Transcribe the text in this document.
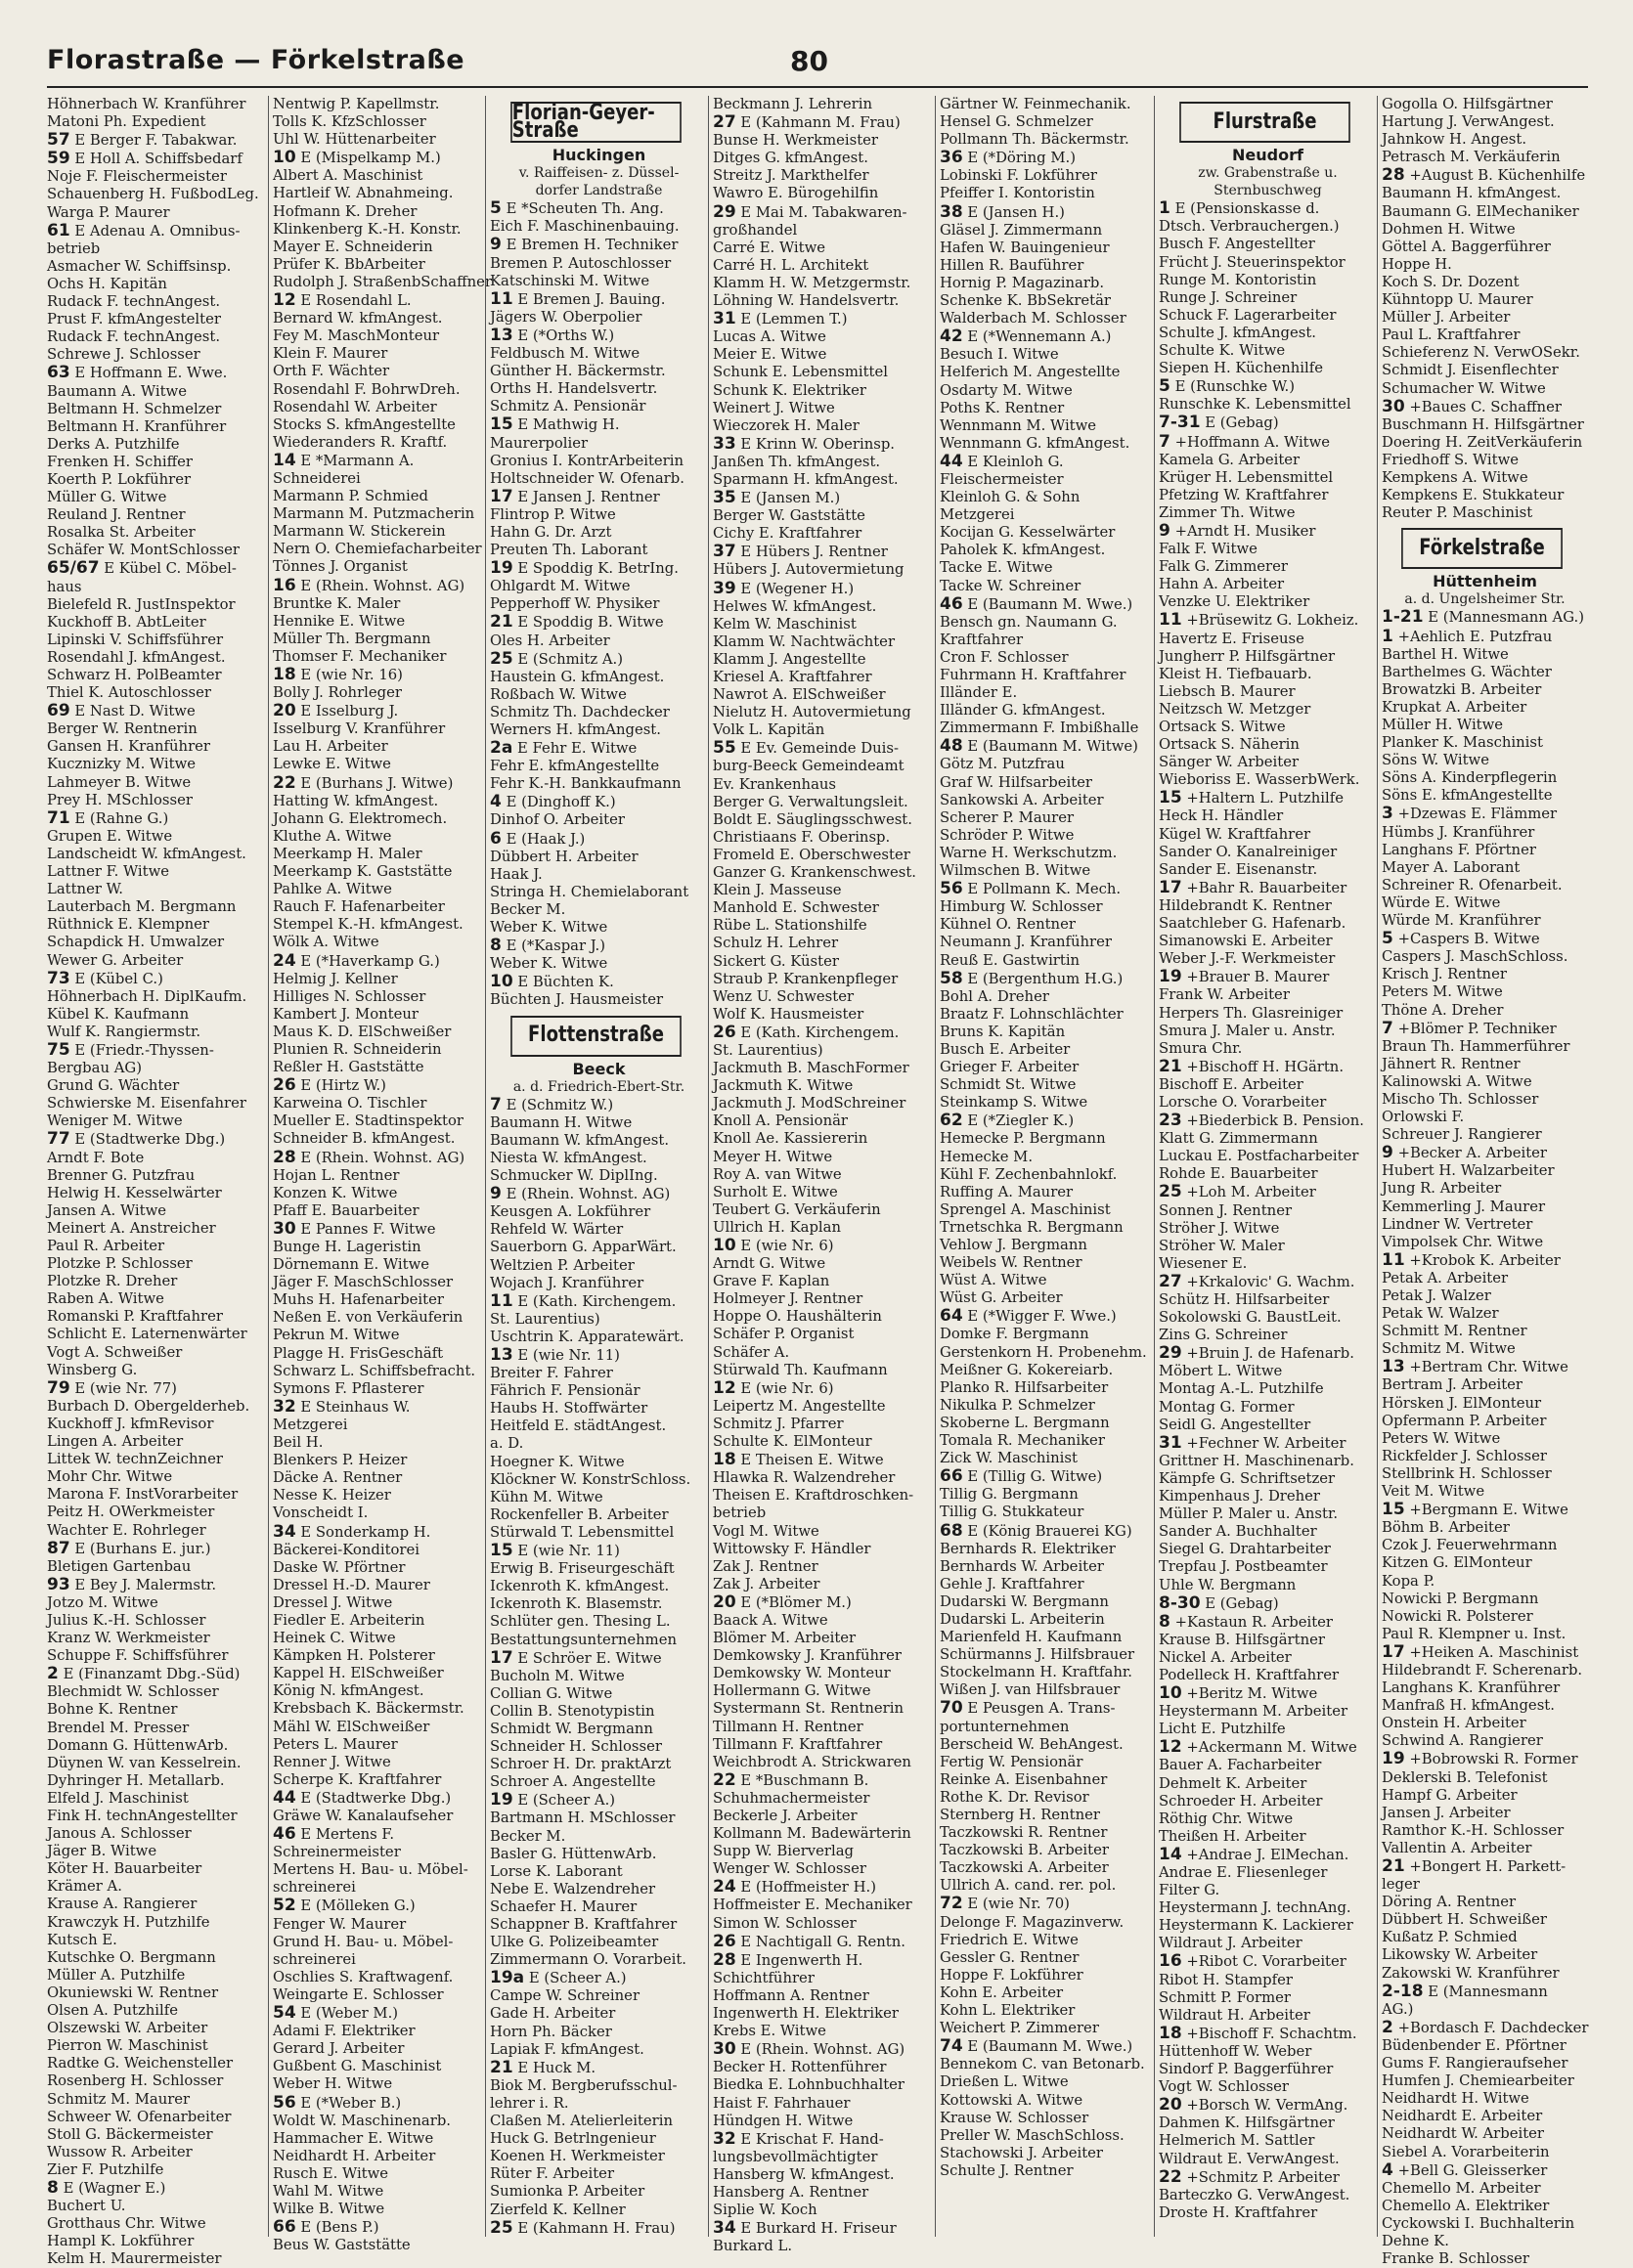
Florastraße — Förkelstraße	80
Höhnerbach W. Kranführer
Matoni Ph. Expedient
57 E Berger F. Tabakwar.
59 E Holl A. Schiffsbedarf
Noje F. Fleischermeister
Schauenberg H. FußbodLeg.
Warga P. Maurer
61 E Adenau A. Omnibus-
betrieb
Asmacher W. Schiffsinsp.
Ochs H. Kapitän
Rudack F. technAngest.
Prust F. kfmAngestelter
Rudack F. technAngest.
Schrewe J. Schlosser
63 E Hoffmann E. Wwe.
Baumann A. Witwe
Beltmann H. Schmelzer
Beltmann H. Kranführer
Derks A. Putzhilfe
Frenken H. Schiffer
Koerth P. Lokführer
Müller G. Witwe
Reuland J. Rentner
Rosalka St. Arbeiter
Schäfer W. MontSchlosser
65/67 E Kübel C. Möbel-
haus
Bielefeld R. JustInspektor
Kuckhoff B. AbtLeiter
Lipinski V. Schiffsführer
Rosendahl J. kfmAngest.
Schwarz H. PolBeamter
Thiel K. Autoschlosser
69 E Nast D. Witwe
Berger W. Rentnerin
Gansen H. Kranführer
Kucznizky M. Witwe
Lahmeyer B. Witwe
Prey H. MSchlosser
71 E (Rahne G.)
Grupen E. Witwe
Landscheidt W. kfmAngest.
Lattner F. Witwe
Lattner W.
Lauterbach M. Bergmann
Rüthnick E. Klempner
Schapdick H. Umwalzer
Wewer G. Arbeiter
73 E (Kübel C.)
Höhnerbach H. DiplKaufm.
Kübel K. Kaufmann
Wulf K. Rangiermstr.
75 E (Friedr.-Thyssen-
Bergbau AG)
Grund G. Wächter
Schwierske M. Eisenfahrer
Weniger M. Witwe
77 E (Stadtwerke Dbg.)
Arndt F. Bote
Brenner G. Putzfrau
Helwig H. Kesselwärter
Jansen A. Witwe
Meinert A. Anstreicher
Paul R. Arbeiter
Plotzke P. Schlosser
Plotzke R. Dreher
Raben A. Witwe
Romanski P. Kraftfahrer
Schlicht E. Laternenwärter
Vogt A. Schweißer
Winsberg G.
79 E (wie Nr. 77)
Burbach D. Obergelderheb.
Kuckhoff J. kfmRevisor
Lingen A. Arbeiter
Littek W. technZeichner
Mohr Chr. Witwe
Marona F. InstVorarbeiter
Peitz H. OWerkmeister
Wachter E. Rohrleger
87 E (Burhans E. jur.)
Bletigen Gartenbau
93 E Bey J. Malermstr.
Jotzo M. Witwe
Julius K.-H. Schlosser
Kranz W. Werkmeister
Schuppe F. Schiffsführer
2 E (Finanzamt Dbg.-Süd)
Blechmidt W. Schlosser
Bohne K. Rentner
Brendel M. Presser
Domann G. HüttenwArb.
Düynen W. van Kesselrein.
Dyhringer H. Metallarb.
Elfeld J. Maschinist
Fink H. technAngestellter
Janous A. Schlosser
Jäger B. Witwe
Köter H. Bauarbeiter
Krämer A.
Krause A. Rangierer
Krawczyk H. Putzhilfe
Kutsch E.
Kutschke O. Bergmann
Müller A. Putzhilfe
Okuniewski W. Rentner
Olsen A. Putzhilfe
Olszewski W. Arbeiter
Pierron W. Maschinist
Radtke G. Weichensteller
Rosenberg H. Schlosser
Schmitz M. Maurer
Schweer W. Ofenarbeiter
Stoll G. Bäckermeister
Wussow R. Arbeiter
Zier F. Putzhilfe
8 E (Wagner E.)
Buchert U.
Grotthaus Chr. Witwe
Hampl K. Lokführer
Kelm H. Maurermeister
Nentwig P. Kapellmstr.
Tolls K. KfzSchlosser
Uhl W. Hüttenarbeiter
10 E (Mispelkamp M.)
Albert A. Maschinist
Hartleif W. Abnahmeing.
Hofmann K. Dreher
Klinkenberg K.-H. Konstr.
Mayer E. Schneiderin
Prüfer K. BbArbeiter
Rudolph J. StraßenbSchaffner
12 E Rosendahl L.
Bernard W. kfmAngest.
Fey M. MaschMonteur
Klein F. Maurer
Orth F. Wächter
Rosendahl F. BohrwDreh.
Rosendahl W. Arbeiter
Stocks S. kfmAngestellte
Wiederanders R. Kraftf.
14 E *Marmann A.
Schneiderei
Marmann P. Schmied
Marmann M. Putzmacherin
Marmann W. Stickerein
Nern O. Chemiefacharbeiter
Tönnes J. Organist
16 E (Rhein. Wohnst. AG)
Bruntke K. Maler
Hennike E. Witwe
Müller Th. Bergmann
Thomser F. Mechaniker
18 E (wie Nr. 16)
Bolly J. Rohrleger
20 E Isselburg J.
Isselburg V. Kranführer
Lau H. Arbeiter
Lewke E. Witwe
22 E (Burhans J. Witwe)
Hatting W. kfmAngest.
Johann G. Elektromech.
Kluthe A. Witwe
Meerkamp H. Maler
Meerkamp K. Gaststätte
Pahlke A. Witwe
Rauch F. Hafenarbeiter
Stempel K.-H. kfmAngest.
Wölk A. Witwe
24 E (*Haverkamp G.)
Helmig J. Kellner
Hilliges N. Schlosser
Kambert J. Monteur
Maus K. D. ElSchweißer
Plunien R. Schneiderin
Reßler H. Gaststätte
26 E (Hirtz W.)
Karweina O. Tischler
Mueller E. Stadtinspektor
Schneider B. kfmAngest.
28 E (Rhein. Wohnst. AG)
Hojan L. Rentner
Konzen K. Witwe
Pfaff E. Bauarbeiter
30 E Pannes F. Witwe
Bunge H. Lageristin
Dörnemann E. Witwe
Jäger F. MaschSchlosser
Muhs H. Hafenarbeiter
Neßen E. von Verkäuferin
Pekrun M. Witwe
Plagge H. FrisGeschäft
Schwarz L. Schiffsbefracht.
Symons F. Pflasterer
32 E Steinhaus W.
Metzgerei
Beil H.
Blenkers P. Heizer
Däcke A. Rentner
Nesse K. Heizer
Vonscheidt I.
34 E Sonderkamp H.
Bäckerei-Konditorei
Daske W. Pförtner
Dressel H.-D. Maurer
Dressel J. Witwe
Fiedler E. Arbeiterin
Heinek C. Witwe
Kämpken H. Polsterer
Kappel H. ElSchweißer
König N. kfmAngest.
Krebsbach K. Bäckermstr.
Mähl W. ElSchweißer
Peters L. Maurer
Renner J. Witwe
Scherpe K. Kraftfahrer
44 E (Stadtwerke Dbg.)
Gräwe W. Kanalaufseher
46 E Mertens F.
Schreinermeister
Mertens H. Bau- u. Möbel-
schreinerei
52 E (Mölleken G.)
Fenger W. Maurer
Grund H. Bau- u. Möbel-
schreinerei
Oschlies S. Kraftwagenf.
Weingarte E. Schlosser
54 E (Weber M.)
Adami F. Elektriker
Gerard J. Arbeiter
Gußbent G. Maschinist
Weber H. Witwe
56 E (*Weber B.)
Woldt W. Maschinenarb.
Hammacher E. Witwe
Neidhardt H. Arbeiter
Rusch E. Witwe
Wahl M. Witwe
Wilke B. Witwe
66 E (Bens P.)
Beus W. Gaststätte
Florian-Geyer-Straße
Huckingen
v. Raiffeisen- z. Düssel-
dorfer Landstraße
5 E *Scheuten Th. Ang.
Eich F. Maschinenbauing.
9 E Bremen H. Techniker
Bremen P. Autoschlosser
Katschinski M. Witwe
11 E Bremen J. Bauing.
Jägers W. Oberpolier
13 E (*Orths W.)
Feldbusch M. Witwe
Günther H. Bäckermstr.
Orths H. Handelsvertr.
Schmitz A. Pensionär
15 E Mathwig H.
Maurerpolier
Gronius I. KontrArbeiterin
Holtschneider W. Ofenarb.
17 E Jansen J. Rentner
Flintrop P. Witwe
Hahn G. Dr. Arzt
Preuten Th. Laborant
19 E Spoddig K. BetrIng.
Ohlgardt M. Witwe
Pepperhoff W. Physiker
21 E Spoddig B. Witwe
Oles H. Arbeiter
25 E (Schmitz A.)
Haustein G. kfmAngest.
Roßbach W. Witwe
Schmitz Th. Dachdecker
Werners H. kfmAngest.
2a E Fehr E. Witwe
Fehr E. kfmAngestellte
Fehr K.-H. Bankkaufmann
4 E (Dinghoff K.)
Dinhof O. Arbeiter
6 E (Haak J.)
Dübbert H. Arbeiter
Haak J.
Stringa H. Chemielaborant
Becker M.
Weber K. Witwe
8 E (*Kaspar J.)
Weber K. Witwe
10 E Büchten K.
Büchten J. Hausmeister
Flottenstraße
Beeck
a. d. Friedrich-Ebert-Str.
7 E (Schmitz W.)
Baumann H. Witwe
Baumann W. kfmAngest.
Niesta W. kfmAngest.
Schmucker W. DiplIng.
9 E (Rhein. Wohnst. AG)
Keusgen A. Lokführer
Rehfeld W. Wärter
Sauerborn G. ApparWärt.
Weltzien P. Arbeiter
Wojach J. Kranführer
11 E (Kath. Kirchengem.
St. Laurentius)
Uschtrin K. Apparatewärt.
13 E (wie Nr. 11)
Breiter F. Fahrer
Fährich F. Pensionär
Haubs H. Stoffwärter
Heitfeld E. städtAngest.
a. D.
Hoegner K. Witwe
Klöckner W. KonstrSchloss.
Kühn M. Witwe
Rockenfeller B. Arbeiter
Stürwald T. Lebensmittel
15 E (wie Nr. 11)
Erwig B. Friseurgeschäft
Ickenroth K. kfmAngest.
Ickenroth K. Blasemstr.
Schlüter gen. Thesing L.
Bestattungsunternehmen
17 E Schröer E. Witwe
Bucholn M. Witwe
Collian G. Witwe
Collin B. Stenotypistin
Schmidt W. Bergmann
Schneider H. Schlosser
Schroer H. Dr. praktArzt
Schroer A. Angestellte
19 E (Scheer A.)
Bartmann H. MSchlosser
Becker M.
Basler G. HüttenwArb.
Lorse K. Laborant
Nebe E. Walzendreher
Schaefer H. Maurer
Schappner B. Kraftfahrer
Ulke G. Polizeibeamter
Zimmermann O. Vorarbeit.
19a E (Scheer A.)
Campe W. Schreiner
Gade H. Arbeiter
Horn Ph. Bäcker
Lapiak F. kfmAngest.
21 E Huck M.
Biok M. Bergberufsschul-
lehrer i. R.
Claßen M. Atelierleiterin
Huck G. Betrlngenieur
Koenen H. Werkmeister
Rüter F. Arbeiter
Sumionka P. Arbeiter
Zierfeld K. Kellner
25 E (Kahmann H. Frau)
Beckmann J. Lehrerin
27 E (Kahmann M. Frau)
Bunse H. Werkmeister
Ditges G. kfmAngest.
Streitz J. Markthelfer
Wawro E. Bürogehilfin
29 E Mai M. Tabakwaren-
großhandel
Carré E. Witwe
Carré H. L. Architekt
Klamm H. W. Metzgermstr.
Löhning W. Handelsvertr.
31 E (Lemmen T.)
Lucas A. Witwe
Meier E. Witwe
Schunk E. Lebensmittel
Schunk K. Elektriker
Weinert J. Witwe
Wieczorek H. Maler
33 E Krinn W. Oberinsp.
Janßen Th. kfmAngest.
Sparmann H. kfmAngest.
35 E (Jansen M.)
Berger W. Gaststätte
Cichy E. Kraftfahrer
37 E Hübers J. Rentner
Hübers J. Autovermietung
39 E (Wegener H.)
Helwes W. kfmAngest.
Kelm W. Maschinist
Klamm W. Nachtwächter
Klamm J. Angestellte
Kriesel A. Kraftfahrer
Nawrot A. ElSchweißer
Nielutz H. Autovermietung
Volk L. Kapitän
55 E Ev. Gemeinde Duis-
burg-Beeck Gemeindeamt
Ev. Krankenhaus
Berger G. Verwaltungsleit.
Boldt E. Säuglingsschwest.
Christiaans F. Oberinsp.
Fromeld E. Oberschwester
Ganzer G. Krankenschwest.
Klein J. Masseuse
Manhold E. Schwester
Rübe L. Stationshilfe
Schulz H. Lehrer
Sickert G. Küster
Straub P. Krankenpfleger
Wenz U. Schwester
Wolf K. Hausmeister
26 E (Kath. Kirchengem.
St. Laurentius)
Jackmuth B. MaschFormer
Jackmuth K. Witwe
Jackmuth J. ModSchreiner
Knoll A. Pensionär
Knoll Ae. Kassiererin
Meyer H. Witwe
Roy A. van Witwe
Surholt E. Witwe
Teubert G. Verkäuferin
Ullrich H. Kaplan
10 E (wie Nr. 6)
Arndt G. Witwe
Grave F. Kaplan
Holmeyer J. Rentner
Hoppe O. Haushälterin
Schäfer P. Organist
Schäfer A.
Stürwald Th. Kaufmann
12 E (wie Nr. 6)
Leipertz M. Angestellte
Schmitz J. Pfarrer
Schulte K. ElMonteur
18 E Theisen E. Witwe
Hlawka R. Walzendreher
Theisen E. Kraftdroschken-
betrieb
Vogl M. Witwe
Wittowsky F. Händler
Zak J. Rentner
Zak J. Arbeiter
20 E (*Blömer M.)
Baack A. Witwe
Blömer M. Arbeiter
Demkowsky J. Kranführer
Demkowsky W. Monteur
Hollermann G. Witwe
Systermann St. Rentnerin
Tillmann H. Rentner
Tillmann F. Kraftfahrer
Weichbrodt A. Strickwaren
22 E *Buschmann B.
Schuhmachermeister
Beckerle J. Arbeiter
Kollmann M. Badewärterin
Supp W. Bierverlag
Wenger W. Schlosser
24 E (Hoffmeister H.)
Hoffmeister E. Mechaniker
Simon W. Schlosser
26 E Nachtigall G. Rentn.
28 E Ingenwerth H.
Schichtführer
Hoffmann A. Rentner
Ingenwerth H. Elektriker
Krebs E. Witwe
30 E (Rhein. Wohnst. AG)
Becker H. Rottenführer
Biedka E. Lohnbuchhalter
Haist F. Fahrhauer
Hündgen H. Witwe
32 E Krischat F. Hand-
lungsbevollmächtigter
Hansberg W. kfmAngest.
Hansberg A. Rentner
Siplie W. Koch
34 E Burkard H. Friseur
Burkard L.
Gärtner W. Feinmechanik.
Hensel G. Schmelzer
Pollmann Th. Bäckermstr.
36 E (*Döring M.)
Lobinski F. Lokführer
Pfeiffer I. Kontoristin
38 E (Jansen H.)
Gläsel J. Zimmermann
Hafen W. Bauingenieur
Hillen R. Bauführer
Hornig P. Magazinarb.
Schenke K. BbSekretär
Walderbach M. Schlosser
42 E (*Wennemann A.)
Besuch I. Witwe
Helferich M. Angestellte
Osdarty M. Witwe
Poths K. Rentner
Wennmann M. Witwe
Wennmann G. kfmAngest.
44 E Kleinloh G.
Fleischermeister
Kleinloh G. & Sohn
Metzgerei
Kocijan G. Kesselwärter
Paholek K. kfmAngest.
Tacke E. Witwe
Tacke W. Schreiner
46 E (Baumann M. Wwe.)
Bensch gn. Naumann G.
Kraftfahrer
Cron F. Schlosser
Fuhrmann H. Kraftfahrer
Illänder E.
Illänder G. kfmAngest.
Zimmermann F. Imbißhalle
48 E (Baumann M. Witwe)
Götz M. Putzfrau
Graf W. Hilfsarbeiter
Sankowski A. Arbeiter
Scherer P. Maurer
Schröder P. Witwe
Warne H. Werkschutzm.
Wilmschen B. Witwe
56 E Pollmann K. Mech.
Himburg W. Schlosser
Kühnel O. Rentner
Neumann J. Kranführer
Reuß E. Gastwirtin
58 E (Bergenthum H.G.)
Bohl A. Dreher
Braatz F. Lohnschlächter
Bruns K. Kapitän
Busch E. Arbeiter
Grieger F. Arbeiter
Schmidt St. Witwe
Steinkamp S. Witwe
62 E (*Ziegler K.)
Hemecke P. Bergmann
Hemecke M.
Kühl F. Zechenbahnlokf.
Ruffing A. Maurer
Sprengel A. Maschinist
Trnetschka R. Bergmann
Vehlow J. Bergmann
Weibels W. Rentner
Wüst A. Witwe
Wüst G. Arbeiter
64 E (*Wigger F. Wwe.)
Domke F. Bergmann
Gerstenkorn H. Probenehm.
Meißner G. Kokereiarb.
Planko R. Hilfsarbeiter
Nikulka P. Schmelzer
Skoberne L. Bergmann
Tomala R. Mechaniker
Zick W. Maschinist
66 E (Tillig G. Witwe)
Tillig G. Bergmann
Tillig G. Stukkateur
68 E (König Brauerei KG)
Bernhards R. Elektriker
Bernhards W. Arbeiter
Gehle J. Kraftfahrer
Dudarski W. Bergmann
Dudarski L. Arbeiterin
Marienfeld H. Kaufmann
Schürmanns J. Hilfsbrauer
Stockelmann H. Kraftfahr.
Wißen J. van Hilfsbrauer
70 E Peusgen A. Trans-
portunternehmen
Berscheid W. BehAngest.
Fertig W. Pensionär
Reinke A. Eisenbahner
Rothe K. Dr. Revisor
Sternberg H. Rentner
Taczkowski R. Rentner
Taczkowski B. Arbeiter
Taczkowski A. Arbeiter
Ullrich A. cand. rer. pol.
72 E (wie Nr. 70)
Delonge F. Magazinverw.
Friedrich E. Witwe
Gessler G. Rentner
Hoppe F. Lokführer
Kohn E. Arbeiter
Kohn L. Elektriker
Weichert P. Zimmerer
74 E (Baumann M. Wwe.)
Bennekom C. van Betonarb.
Drießen L. Witwe
Kottowski A. Witwe
Krause W. Schlosser
Preller W. MaschSchloss.
Stachowski J. Arbeiter
Schulte J. Rentner
Flurstraße
Neudorf
zw. Grabenstraße u.
Sternbuschweg
1 E (Pensionskasse d.
Dtsch. Verbrauchergen.)
Busch F. Angestellter
Frücht J. Steuerinspektor
Runge M. Kontoristin
Runge J. Schreiner
Schuck F. Lagerarbeiter
Schulte J. kfmAngest.
Schulte K. Witwe
Siepen H. Küchenhilfe
5 E (Runschke W.)
Runschke K. Lebensmittel
7-31 E (Gebag)
7 +Hoffmann A. Witwe
Kamela G. Arbeiter
Krüger H. Lebensmittel
Pfetzing W. Kraftfahrer
Zimmer Th. Witwe
9 +Arndt H. Musiker
Falk F. Witwe
Falk G. Zimmerer
Hahn A. Arbeiter
Venzke U. Elektriker
11 +Brüsewitz G. Lokheiz.
Havertz E. Friseuse
Jungherr P. Hilfsgärtner
Kleist H. Tiefbauarb.
Liebsch B. Maurer
Neitzsch W. Metzger
Ortsack S. Witwe
Ortsack S. Näherin
Sänger W. Arbeiter
Wieboriss E. WasserbWerk.
15 +Haltern L. Putzhilfe
Heck H. Händler
Kügel W. Kraftfahrer
Sander O. Kanalreiniger
Sander E. Eisenanstr.
17 +Bahr R. Bauarbeiter
Hildebrandt K. Rentner
Saatchleber G. Hafenarb.
Simanowski E. Arbeiter
Weber J.-F. Werkmeister
19 +Brauer B. Maurer
Frank W. Arbeiter
Herpers Th. Glasreiniger
Smura J. Maler u. Anstr.
Smura Chr.
21 +Bischoff H. HGärtn.
Bischoff E. Arbeiter
Lorsche O. Vorarbeiter
23 +Biederbick B. Pension.
Klatt G. Zimmermann
Luckau E. Postfacharbeiter
Rohde E. Bauarbeiter
25 +Loh M. Arbeiter
Sonnen J. Rentner
Ströher J. Witwe
Ströher W. Maler
Wiesener E.
27 +Krkalovic' G. Wachm.
Schütz H. Hilfsarbeiter
Sokolowski G. BaustLeit.
Zins G. Schreiner
29 +Bruin J. de Hafenarb.
Möbert L. Witwe
Montag A.-L. Putzhilfe
Montag G. Former
Seidl G. Angestellter
31 +Fechner W. Arbeiter
Grittner H. Maschinenarb.
Kämpfe G. Schriftsetzer
Kimpenhaus J. Dreher
Müller P. Maler u. Anstr.
Sander A. Buchhalter
Siegel G. Drahtarbeiter
Trepfau J. Postbeamter
Uhle W. Bergmann
8-30 E (Gebag)
8 +Kastaun R. Arbeiter
Krause B. Hilfsgärtner
Nickel A. Arbeiter
Podelleck H. Kraftfahrer
10 +Beritz M. Witwe
Heystermann M. Arbeiter
Licht E. Putzhilfe
12 +Ackermann M. Witwe
Bauer A. Facharbeiter
Dehmelt K. Arbeiter
Schroeder H. Arbeiter
Röthig Chr. Witwe
Theißen H. Arbeiter
14 +Andrae J. ElMechan.
Andrae E. Fliesenleger
Filter G.
Heystermann J. technAng.
Heystermann K. Lackierer
Wildraut J. Arbeiter
16 +Ribot C. Vorarbeiter
Ribot H. Stampfer
Schmitt P. Former
Wildraut H. Arbeiter
18 +Bischoff F. Schachtm.
Hüttenhoff W. Weber
Sindorf P. Baggerführer
Vogt W. Schlosser
20 +Borsch W. VermAng.
Dahmen K. Hilfsgärtner
Helmerich M. Sattler
Wildraut E. VerwAngest.
22 +Schmitz P. Arbeiter
Barteczko G. VerwAngest.
Droste H. Kraftfahrer
Gogolla O. Hilfsgärtner
Hartung J. VerwAngest.
Jahnkow H. Angest.
Petrasch M. Verkäuferin
28 +August B. Küchenhilfe
Baumann H. kfmAngest.
Baumann G. ElMechaniker
Dohmen H. Witwe
Göttel A. Baggerführer
Hoppe H.
Koch S. Dr. Dozent
Kühntopp U. Maurer
Müller J. Arbeiter
Paul L. Kraftfahrer
Schieferenz N. VerwOSekr.
Schmidt J. Eisenflechter
Schumacher W. Witwe
30 +Baues C. Schaffner
Buschmann H. Hilfsgärtner
Doering H. ZeitVerkäuferin
Friedhoff S. Witwe
Kempkens A. Witwe
Kempkens E. Stukkateur
Reuter P. Maschinist
Förkelstraße
Hüttenheim
a. d. Ungelsheimer Str.
1-21 E (Mannesmann AG.)
1 +Aehlich E. Putzfrau
Barthel H. Witwe
Barthelmes G. Wächter
Browatzki B. Arbeiter
Krupkat A. Arbeiter
Müller H. Witwe
Planker K. Maschinist
Söns W. Witwe
Söns A. Kinderpflegerin
Söns E. kfmAngestellte
3 +Dzewas E. Flämmer
Hümbs J. Kranführer
Langhans F. Pförtner
Mayer A. Laborant
Schreiner R. Ofenarbeit.
Würde E. Witwe
Würde M. Kranführer
5 +Caspers B. Witwe
Caspers J. MaschSchloss.
Krisch J. Rentner
Peters M. Witwe
Thöne A. Dreher
7 +Blömer P. Techniker
Braun Th. Hammerführer
Jähnert R. Rentner
Kalinowski A. Witwe
Mischo Th. Schlosser
Orlowski F.
Schreuer J. Rangierer
9 +Becker A. Arbeiter
Hubert H. Walzarbeiter
Jung R. Arbeiter
Kemmerling J. Maurer
Lindner W. Vertreter
Vimpolsek Chr. Witwe
11 +Krobok K. Arbeiter
Petak A. Arbeiter
Petak J. Walzer
Petak W. Walzer
Schmitt M. Rentner
Schmitz M. Witwe
13 +Bertram Chr. Witwe
Bertram J. Arbeiter
Hörsken J. ElMonteur
Opfermann P. Arbeiter
Peters W. Witwe
Rickfelder J. Schlosser
Stellbrink H. Schlosser
Veit M. Witwe
15 +Bergmann E. Witwe
Böhm B. Arbeiter
Czok J. Feuerwehrmann
Kitzen G. ElMonteur
Kopa P.
Nowicki P. Bergmann
Nowicki R. Polsterer
Paul R. Klempner u. Inst.
17 +Heiken A. Maschinist
Hildebrandt F. Scherenarb.
Langhans K. Kranführer
Manfraß H. kfmAngest.
Onstein H. Arbeiter
Schwind A. Rangierer
19 +Bobrowski R. Former
Deklerski B. Telefonist
Hampf G. Arbeiter
Jansen J. Arbeiter
Ramthor K.-H. Schlosser
Vallentin A. Arbeiter
21 +Bongert H. Parkett-
leger
Döring A. Rentner
Dübbert H. Schweißer
Kußatz P. Schmied
Likowsky W. Arbeiter
Zakowski W. Kranführer
2-18 E (Mannesmann
AG.)
2 +Bordasch F. Dachdecker
Büdenbender E. Pförtner
Gums F. Rangieraufseher
Humfen J. Chemiearbeiter
Neidhardt H. Witwe
Neidhardt E. Arbeiter
Neidhardt W. Arbeiter
Siebel A. Vorarbeiterin
4 +Bell G. Gleisserker
Chemello M. Arbeiter
Chemello A. Elektriker
Cyckowski I. Buchhalterin
Dehne K.
Franke B. Schlosser
